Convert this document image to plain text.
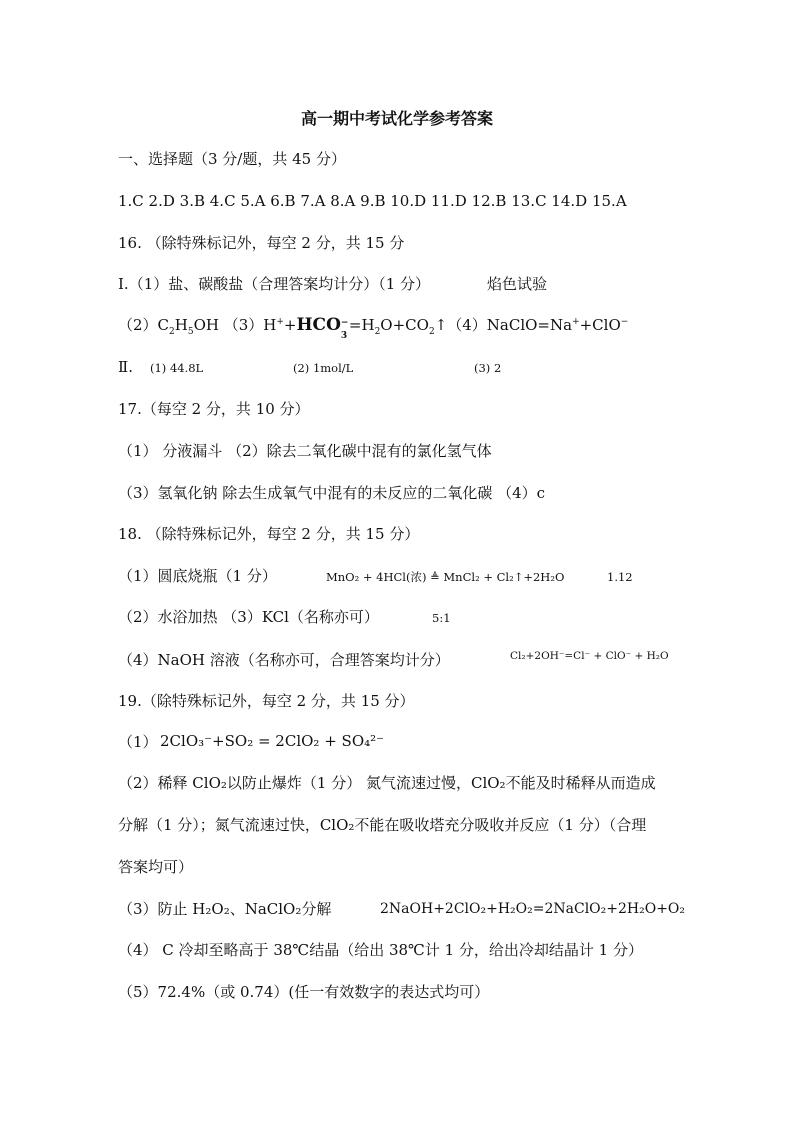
高一期中考试化学参考答案
一、选择题（3 分/题，共 45 分）
1.C 2.D 3.B 4.C 5.A 6.B 7.A 8.A 9.B 10.D 11.D 12.B 13.C 14.D 15.A
16. （除特殊标记外，每空 2 分，共 15 分
Ⅰ.（1）盐、碳酸盐（合理答案均计分）（1 分）	焰色试验
$(2)C_2H_5OH$ （3）H++HCO −
3
$=H_2O+CO_2↑(4)NaClO=Na^++ClO^-$
Ⅱ. (1) 44.8L	(2) 1mol/L	(3) 2
17.（每空 2 分，共 10 分）
（1） 分液漏斗 （2）除去二氧化碳中混有的氯化氢气体
（3）氢氧化钠 除去生成氧气中混有的未反应的二氧化碳 （4）c
18. （除特殊标记外，每空 2 分，共 15 分）
（1）圆底烧瓶（1 分）	MnO₂ + 4HCl(浓) ≜ MnCl₂ + Cl₂↑+2H₂O	1.12
（2）水浴加热 （3）KCl（名称亦可）	5:1
（4）NaOH 溶液（名称亦可，合理答案均计分）	Cl₂+2OH⁻=Cl⁻ + ClO⁻ + H₂O
19.（除特殊标记外，每空 2 分，共 15 分）
（1） 2ClO₃⁻+SO₂ = 2ClO₂ + SO₄²⁻
（2）稀释 ClO₂以防止爆炸（1 分） 氮气流速过慢，ClO₂不能及时稀释从而造成
分解（1 分）；氮气流速过快，ClO₂不能在吸收塔充分吸收并反应（1 分）（合理
答案均可）
（3）防止 H₂O₂、NaClO₂分解	2NaOH+2ClO₂+H₂O₂=2NaClO₂+2H₂O+O₂
（4） C 冷却至略高于 38℃结晶（给出 38℃计 1 分，给出冷却结晶计 1 分）
（5）72.4%（或 0.74）(任一有效数字的表达式均可）
